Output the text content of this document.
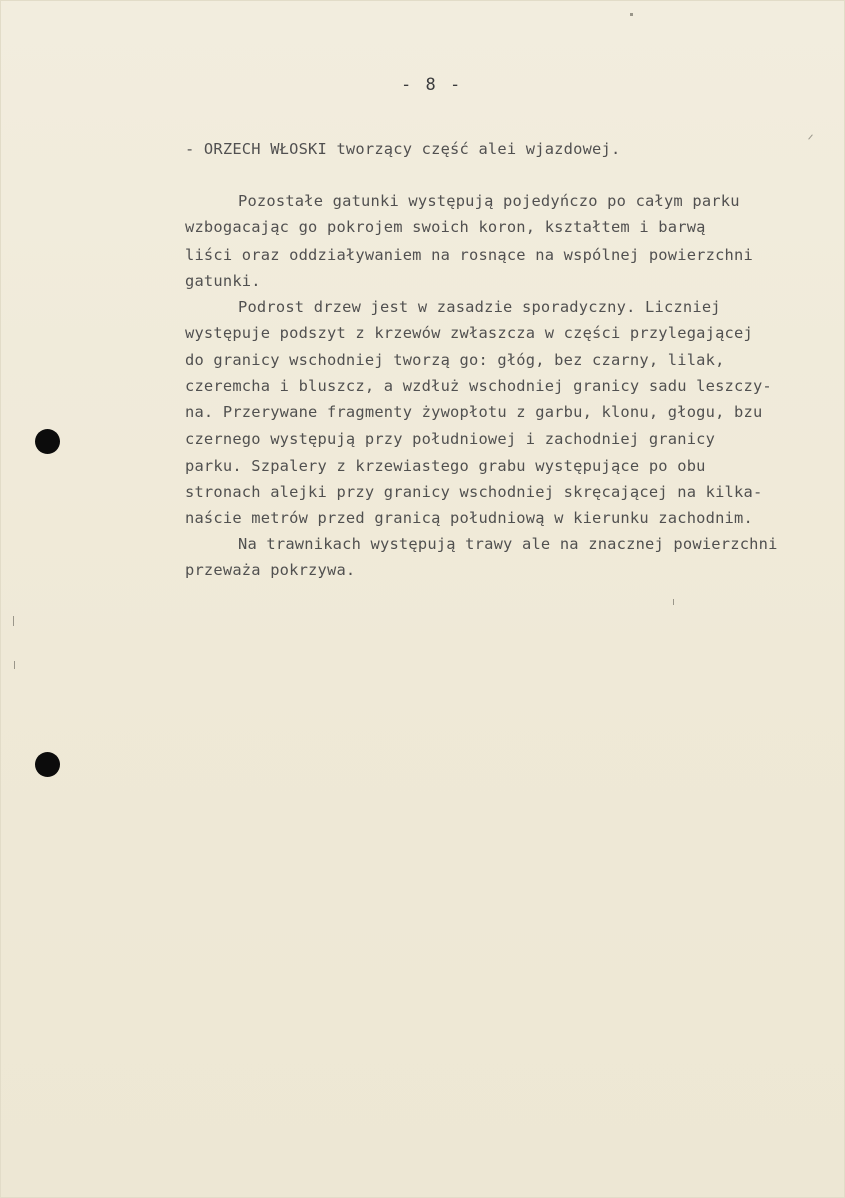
- 8 -
- ORZECH WŁOSKI tworzący część alei wjazdowej.
Pozostałe gatunki występują pojedyńczo po całym parku
wzbogacając go pokrojem swoich koron, kształtem i barwą
liści oraz oddziaływaniem na rosnące na wspólnej powierzchni
gatunki.
Podrost drzew jest w zasadzie sporadyczny. Liczniej
występuje podszyt z krzewów zwłaszcza w części przylegającej
do granicy wschodniej tworzą go: głóg, bez czarny, lilak,
czeremcha i bluszcz, a wzdłuż wschodniej granicy sadu leszczy-
na. Przerywane fragmenty żywopłotu z garbu, klonu, głogu, bzu
czernego występują przy południowej i zachodniej granicy
parku. Szpalery z krzewiastego grabu występujące po obu
stronach alejki przy granicy wschodniej skręcającej na kilka-
naście metrów przed granicą południową w kierunku zachodnim.
Na trawnikach występują trawy ale na znacznej powierzchni
przeważa pokrzywa.
